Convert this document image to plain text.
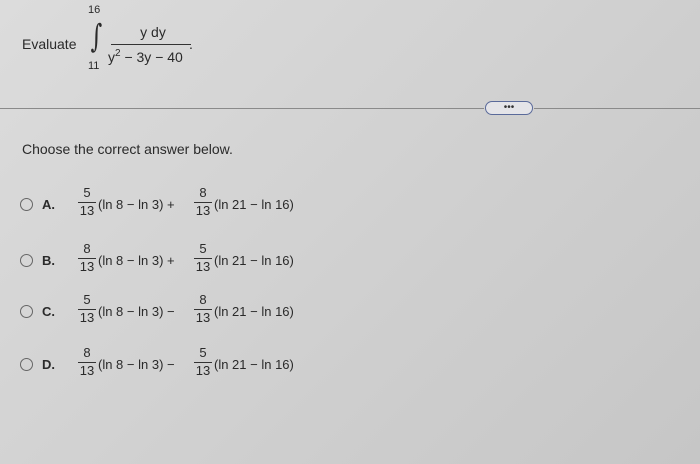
Evaluate
16
∫
11
y dy
$y^2 - 3y - 40$
.
•••
Choose the correct answer below.
A.
5
13 (ln 8 − ln 3) +
8
13 (ln 21 − ln 16)
B.
8
13 (ln 8 − ln 3) +
5
13 (ln 21 − ln 16)
C.
5
13 (ln 8 − ln 3) −
8
13 (ln 21 − ln 16)
D.
8
13 (ln 8 − ln 3) −
5
13 (ln 21 − ln 16)
